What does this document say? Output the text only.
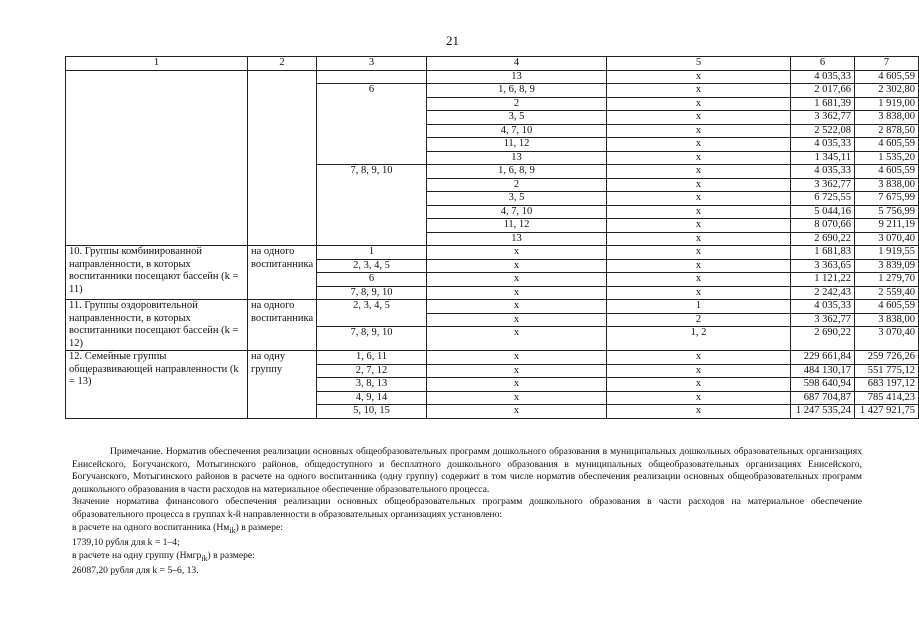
21
1	2	3	4	5	6	7
			13	x	4 035,33	4 605,59
		6	1, 6, 8, 9	x	2 017,66	2 302,80
			2	x	1 681,39	1 919,00
			3, 5	x	3 362,77	3 838,00
			4, 7, 10	x	2 522,08	2 878,50
			11, 12	x	4 035,33	4 605,59
			13	x	1 345,11	1 535,20
		7, 8, 9, 10	1, 6, 8, 9	x	4 035,33	4 605,59
			2	x	3 362,77	3 838,00
			3, 5	x	6 725,55	7 675,99
			4, 7, 10	x	5 044,16	5 756,99
			11, 12	x	8 070,66	9 211,19
			13	x	2 690,22	3 070,40
10. Группы комбинированной направленности, в которых воспитанники посещают бассейн (k = 11)	на одного воспитанника	1	x	x	1 681,83	1 919,55
		2, 3, 4, 5	x	x	3 363,65	3 839,09
		6	x	x	1 121,22	1 279,70
		7, 8, 9, 10	x	x	2 242,43	2 559,40
11. Группы оздоровительной направленности, в которых воспитанники посещают бассейн (k = 12)	на одного воспитанника	2, 3, 4, 5	x	1	4 035,33	4 605,59
			x	2	3 362,77	3 838,00
		7, 8, 9, 10	x	1, 2	2 690,22	3 070,40

12. Семейные группы общеразвивающей направленности (k = 13)	на одну группу	1, 6, 11	x	x	229 661,84	259 726,26
		2, 7, 12	x	x	484 130,17	551 775,12
		3, 8, 13	x	x	598 640,94	683 197,12
		4, 9, 14	x	x	687 704,87	785 414,23
		5, 10, 15	x	x	1 247 535,24	1 427 921,75

Примечание. Норматив обеспечения реализации основных общеобразовательных программ дошкольного образования в муниципальных дошкольных образовательных организациях Енисейского, Богучанского, Мотыгинского районов, общедоступного и бесплатного дошкольного образования в муниципальных общеобразовательных организациях Енисейского, Богучанского, Мотыгинского районов в расчете на одного воспитанника (одну группу) содержит в том числе норматив обеспечения реализации основных общеобразовательных программ дошкольного образования в части расходов на материальное обеспечение образовательного процесса.

Значение норматива финансового обеспечения реализации основных общеобразовательных программ дошкольного образования в части расходов на материальное обеспечение образовательного процесса в группах k-й направленности в образовательных организациях установлено:

в расчете на одного воспитанника $(Нм_{ik})$ в размере:

1739,10 рубля для k = 1–4;

в расчете на одну группу (Нмгр$_{ik}$) в размере:

26087,20 рубля для k = 5–6, 13.
